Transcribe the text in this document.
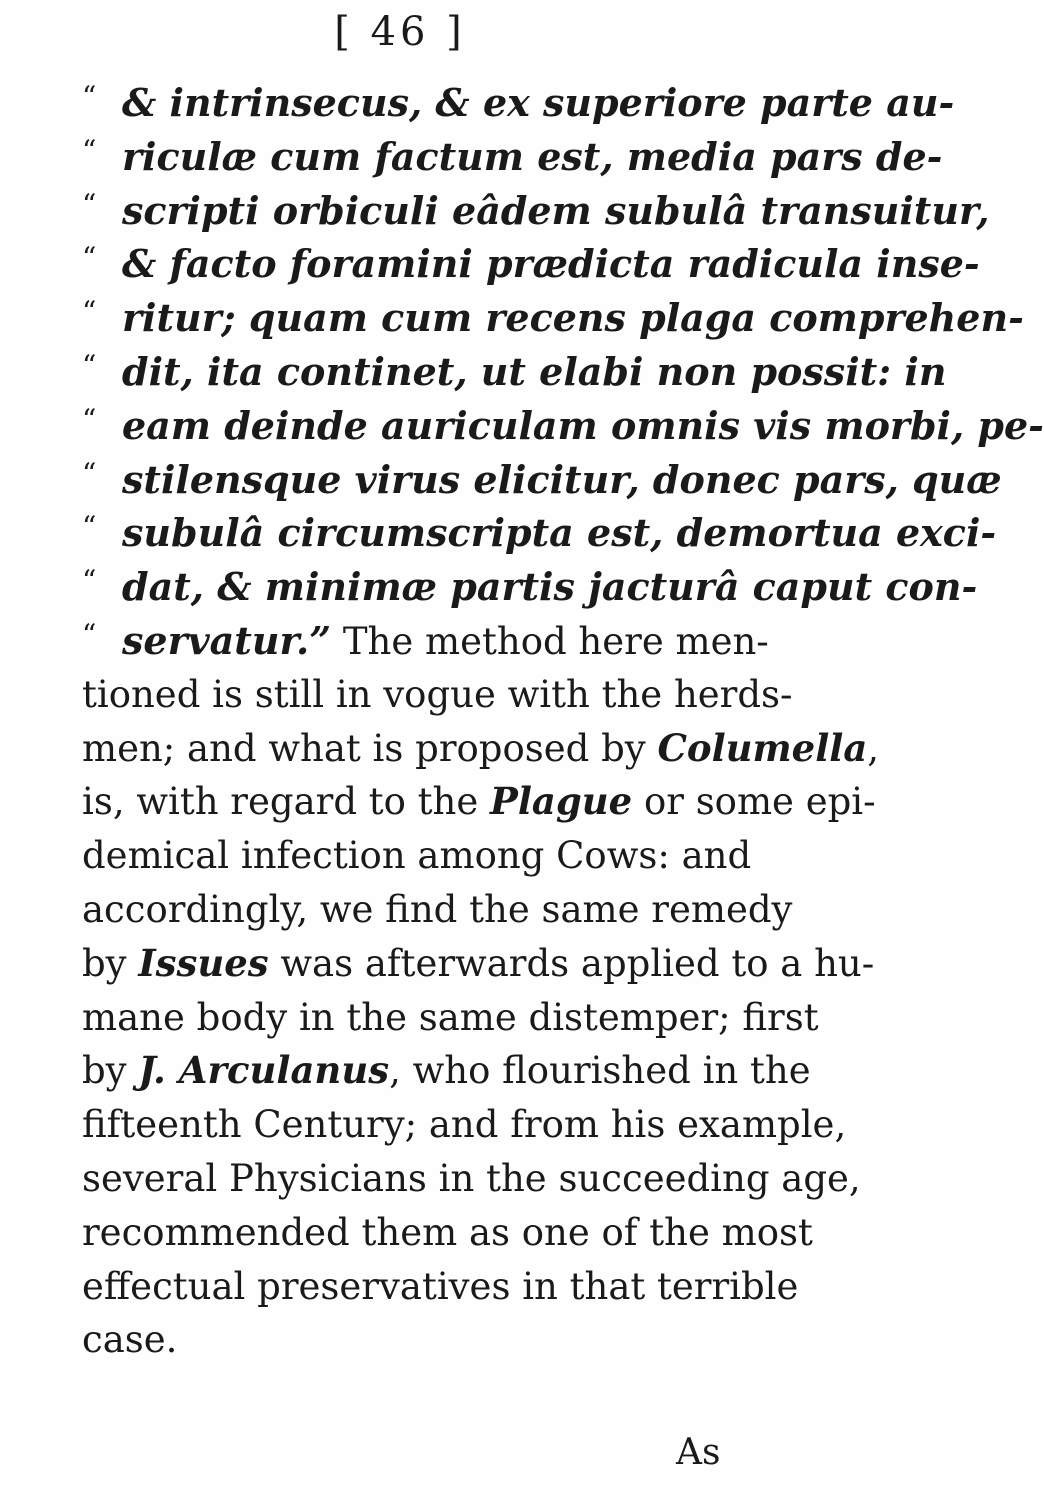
[ 46 ]
“ & intrinsecus, & ex superiore parte au-
“ riculæ cum factum est, media pars de-
“ scripti orbiculi eâdem subulâ transuitur,
“ & facto foramini prædicta radicula inse-
“ ritur; quam cum recens plaga comprehen-
“ dit, ita continet, ut elabi non possit: in
“ eam deinde auriculam omnis vis morbi, pe-
“ stilensque virus elicitur, donec pars, quæ
“ subulâ circumscripta est, demortua exci-
“ dat, & minimæ partis jacturâ caput con-
“ servatur.” The method here men-
tioned is still in vogue with the herds-
men; and what is proposed by Columella,
is, with regard to the Plague or some epi-
demical infection among Cows: and
accordingly, we find the same remedy
by Issues was afterwards applied to a hu-
mane body in the same distemper; first
by J. Arculanus, who flourished in the
fifteenth Century; and from his example,
several Physicians in the succeeding age,
recommended them as one of the most
effectual preservatives in that terrible
case.
As
